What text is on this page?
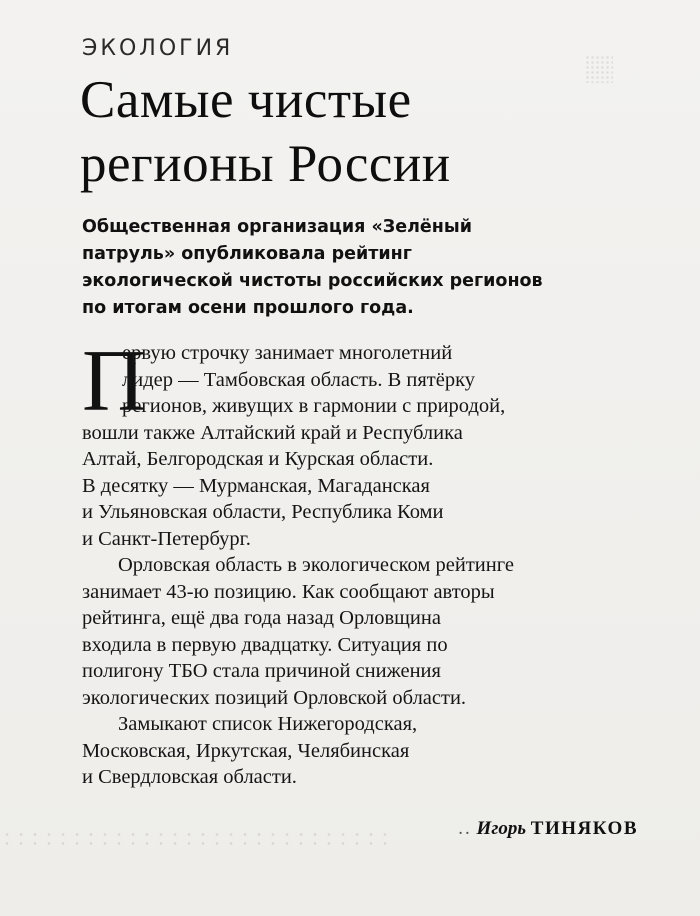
ЭКОЛОГИЯ
Самые чистые
регионы России
Общественная организация «Зелёный
патруль» опубликовала рейтинг
экологической чистоты российских регионов
по итогам осени прошлого года.
П
ервую строчку занимает многолетний
лидер — Тамбовская область. В пятёрку
регионов, живущих в гармонии с природой,
вошли также Алтайский край и Республика
Алтай, Белгородская и Курская области.
В десятку — Мурманская, Магаданская
и Ульяновская области, Республика Коми
и Санкт-Петербург.
Орловская область в экологическом рейтинге
занимает 43-ю позицию. Как сообщают авторы
рейтинга, ещё два года назад Орловщина
входила в первую двадцатку. Ситуация по
полигону ТБО стала причиной снижения
экологических позиций Орловской области.
Замыкают список Нижегородская,
Московская, Иркутская, Челябинская
и Свердловская области.
.. Игорь ТИНЯКОВ
